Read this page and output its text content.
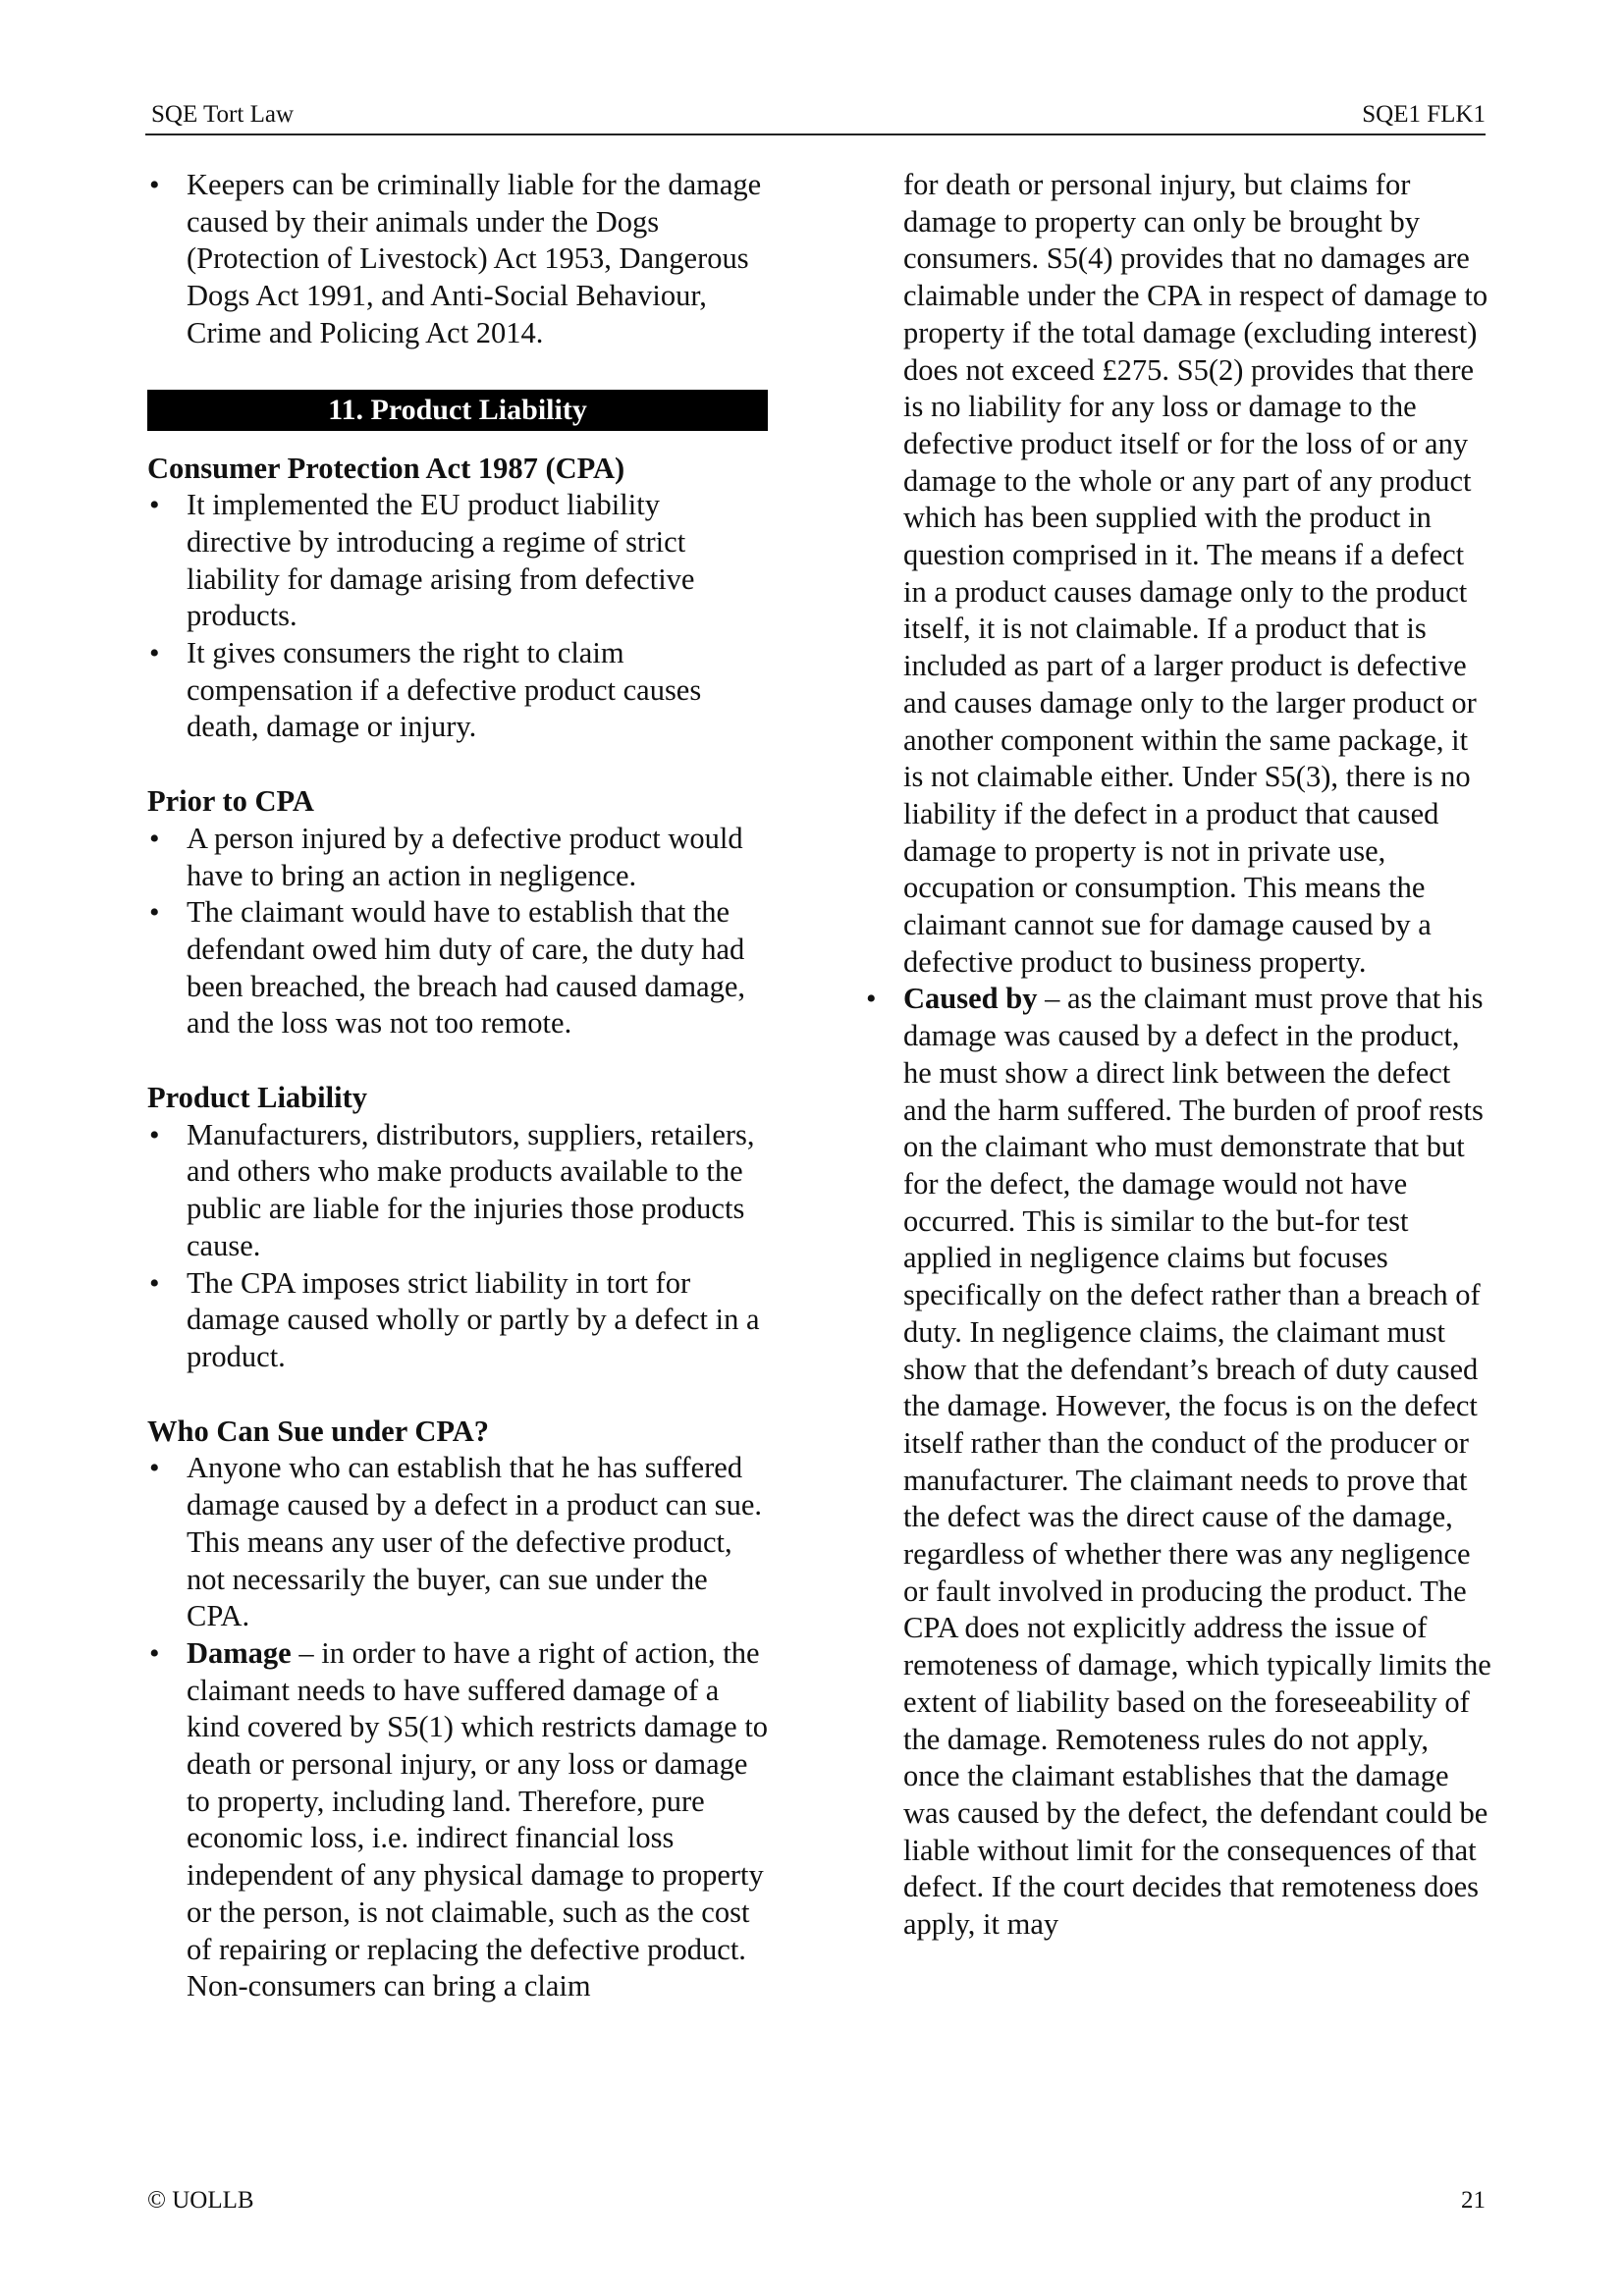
SQE Tort Law	SQE1 FLK1
• Keepers can be criminally liable for the damage caused by their animals under the Dogs (Protection of Livestock) Act 1953, Dangerous Dogs Act 1991, and Anti-Social Behaviour, Crime and Policing Act 2014.
11. Product Liability
Consumer Protection Act 1987 (CPA)
• It implemented the EU product liability directive by introducing a regime of strict liability for damage arising from defective products.
• It gives consumers the right to claim compensation if a defective product causes death, damage or injury.
Prior to CPA
• A person injured by a defective product would have to bring an action in negligence.
• The claimant would have to establish that the defendant owed him duty of care, the duty had been breached, the breach had caused damage, and the loss was not too remote.
Product Liability
• Manufacturers, distributors, suppliers, retailers, and others who make products available to the public are liable for the injuries those products cause.
• The CPA imposes strict liability in tort for damage caused wholly or partly by a defect in a product.
Who Can Sue under CPA?
• Anyone who can establish that he has suffered damage caused by a defect in a product can sue. This means any user of the defective product, not necessarily the buyer, can sue under the CPA.
• Damage – in order to have a right of action, the claimant needs to have suffered damage of a kind covered by S5(1) which restricts damage to death or personal injury, or any loss or damage to property, including land. Therefore, pure economic loss, i.e. indirect financial loss independent of any physical damage to property or the person, is not claimable, such as the cost of repairing or replacing the defective product. Non-consumers can bring a claim
for death or personal injury, but claims for damage to property can only be brought by consumers. S5(4) provides that no damages are claimable under the CPA in respect of damage to property if the total damage (excluding interest) does not exceed £275. S5(2) provides that there is no liability for any loss or damage to the defective product itself or for the loss of or any damage to the whole or any part of any product which has been supplied with the product in question comprised in it. The means if a defect in a product causes damage only to the product itself, it is not claimable. If a product that is included as part of a larger product is defective and causes damage only to the larger product or another component within the same package, it is not claimable either. Under S5(3), there is no liability if the defect in a product that caused damage to property is not in private use, occupation or consumption. This means the claimant cannot sue for damage caused by a defective product to business property.
• Caused by – as the claimant must prove that his damage was caused by a defect in the product, he must show a direct link between the defect and the harm suffered. The burden of proof rests on the claimant who must demonstrate that but for the defect, the damage would not have occurred. This is similar to the but-for test applied in negligence claims but focuses specifically on the defect rather than a breach of duty. In negligence claims, the claimant must show that the defendant’s breach of duty caused the damage. However, the focus is on the defect itself rather than the conduct of the producer or manufacturer. The claimant needs to prove that the defect was the direct cause of the damage, regardless of whether there was any negligence or fault involved in producing the product. The CPA does not explicitly address the issue of remoteness of damage, which typically limits the extent of liability based on the foreseeability of the damage. Remoteness rules do not apply, once the claimant establishes that the damage was caused by the defect, the defendant could be liable without limit for the consequences of that defect. If the court decides that remoteness does apply, it may
© UOLLB	21
